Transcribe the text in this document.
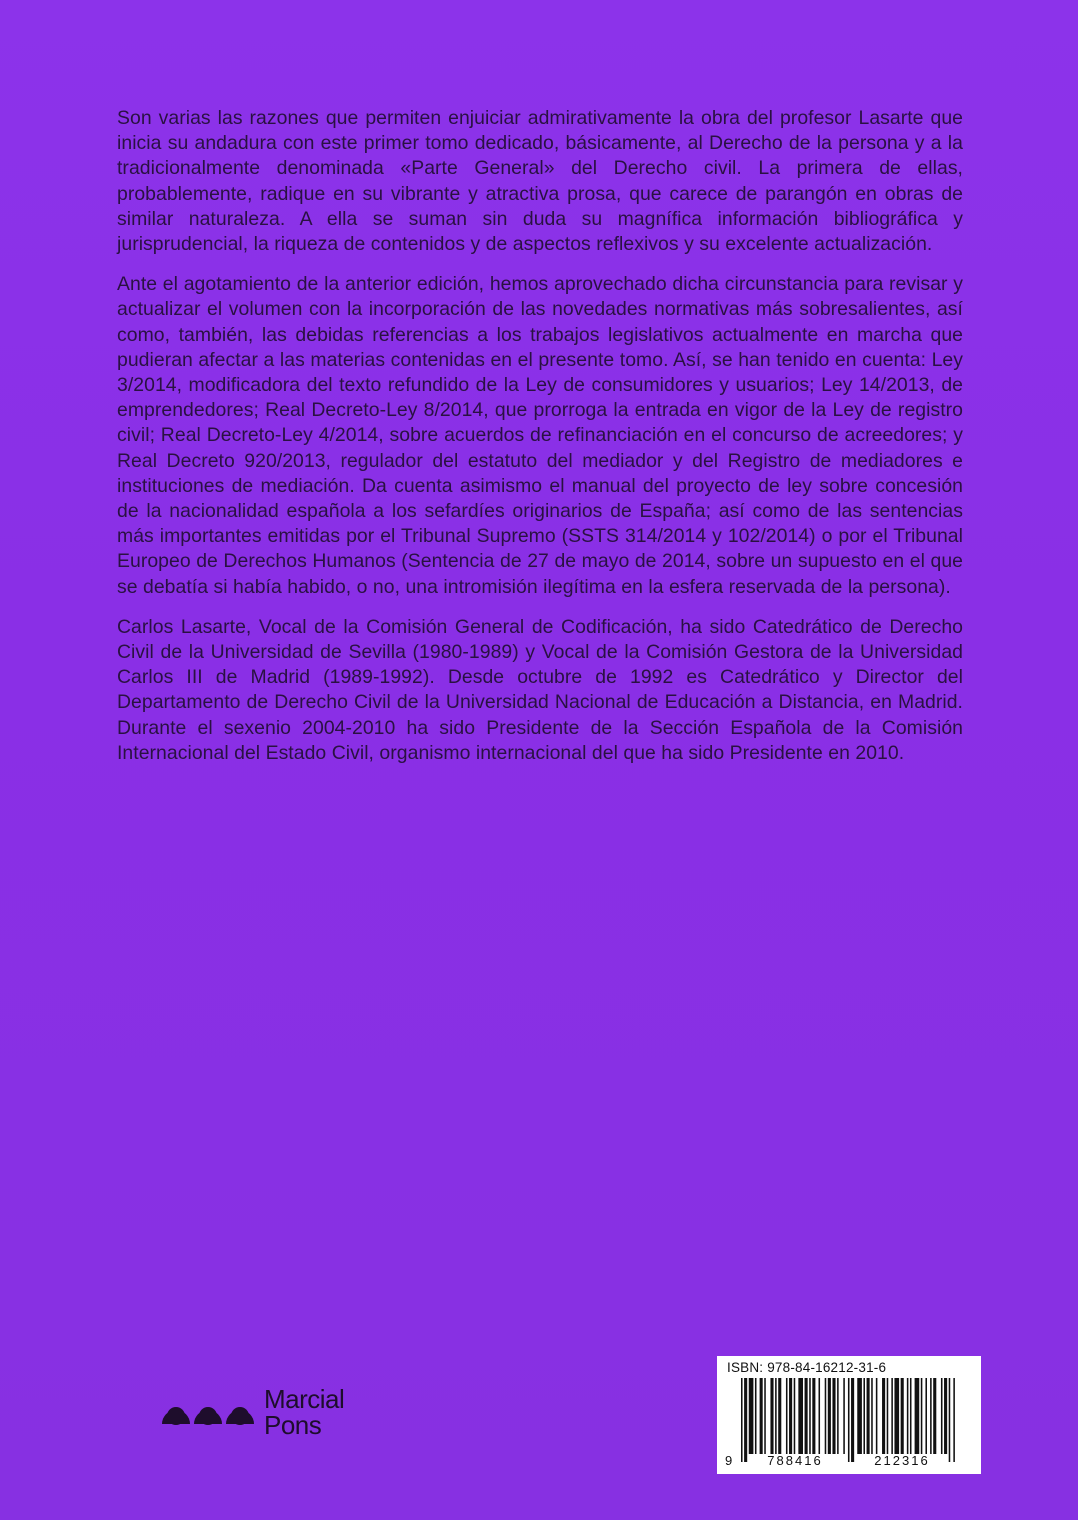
Son varias las razones que permiten enjuiciar admirativamente la obra del profesor Lasarte que inicia su andadura con este primer tomo dedicado, básicamente, al Derecho de la persona y a la tradicionalmente denominada «Parte General» del Derecho civil. La primera de ellas, probablemente, radique en su vibrante y atractiva prosa, que carece de parangón en obras de similar naturaleza. A ella se suman sin duda su magnífica información bibliográfica y jurisprudencial, la riqueza de contenidos y de aspectos reflexivos y su excelente actualización.

Ante el agotamiento de la anterior edición, hemos aprovechado dicha circunstancia para revisar y actualizar el volumen con la incorporación de las novedades normativas más sobresalientes, así como, también, las debidas referencias a los trabajos legislativos actualmente en marcha que pudieran afectar a las materias contenidas en el presente tomo. Así, se han tenido en cuenta: Ley 3/2014, modificadora del texto refundido de la Ley de consumidores y usuarios; Ley 14/2013, de emprendedores; Real Decreto-Ley 8/2014, que prorroga la entrada en vigor de la Ley de registro civil; Real Decreto-Ley 4/2014, sobre acuerdos de refinanciación en el concurso de acreedores; y Real Decreto 920/2013, regulador del estatuto del mediador y del Registro de mediadores e instituciones de mediación. Da cuenta asimismo el manual del proyecto de ley sobre concesión de la nacionalidad española a los sefardíes originarios de España; así como de las sentencias más importantes emitidas por el Tribunal Supremo (SSTS 314/2014 y 102/2014) o por el Tribunal Europeo de Derechos Humanos (Sentencia de 27 de mayo de 2014, sobre un supuesto en el que se debatía si había habido, o no, una intromisión ilegítima en la esfera reservada de la persona).

Carlos Lasarte, Vocal de la Comisión General de Codificación, ha sido Catedrático de Derecho Civil de la Universidad de Sevilla (1980-1989) y Vocal de la Comisión Gestora de la Universidad Carlos III de Madrid (1989-1992). Desde octubre de 1992 es Catedrático y Director del Departamento de Derecho Civil de la Universidad Nacional de Educación a Distancia, en Madrid. Durante el sexenio 2004-2010 ha sido Presidente de la Sección Española de la Comisión Internacional del Estado Civil, organismo internacional del que ha sido Presidente en 2010.

Marcial
Pons
ISBN: 978-84-16212-31-6
9	788416	212316
